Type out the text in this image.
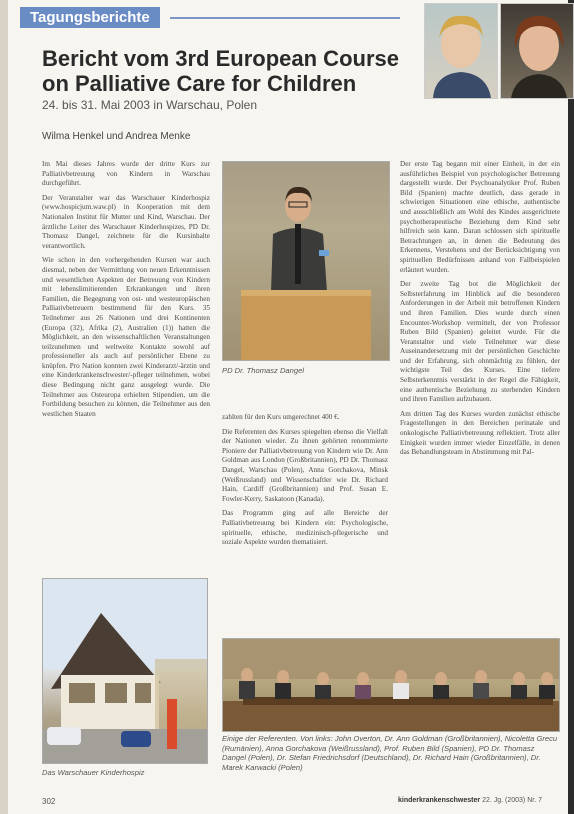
Tagungsberichte
Bericht vom 3rd European Course on Palliative Care for Children
24. bis 31. Mai 2003 in Warschau, Polen
Wilma Henkel und Andrea Menke

Im Mai dieses Jahres wurde der dritte Kurs zur Palliativbetreuung von Kindern in Warschau durchgeführt.

Der Veranstalter war das Warschauer Kinderhospiz (www.hospicjum.waw.pl) in Kooperation mit dem Nationalen Institut für Mutter und Kind, Warschau. Der ärztliche Leiter des Warschauer Kinderhospizes, PD Dr. Thomasz Dangel, zeichnete für die Kursinhalte verantwortlich.

Wie schon in den vorhergehenden Kursen war auch diesmal, neben der Vermittlung von neuen Erkenntnissen und wesentlichen Aspekten der Betreuung von Kindern mit lebenslimitierenden Erkrankungen und ihren Familien, die Begegnung von ost- und westeuropäischen Palliativbetreuern bestimmend für den Kurs. 35 Teilnehmer aus 26 Nationen und drei Kontinenten (Europa (32), Afrika (2), Australien (1)) hatten die Möglichkeit, an den wissenschaftlichen Veranstaltungen teilzunehmen und weltweite Kontakte sowohl auf professioneller als auch auf persönlicher Ebene zu knüpfen. Pro Nation konnten zwei Kinderarzt/-ärztin und eine Kinderkrankenschwester/-pfleger teilnehmen, wobei diese Bedingung nicht ganz ausgelegt wurde. Die Teilnehmer aus Osteuropa erhielten Stipendien, um die Fortbildung besuchen zu können, die Teilnehmer aus den westlichen Staaten

PD Dr. Thomasz Dangel

zahlten für den Kurs umgerechnet 400 €.

Die Referenten des Kurses spiegelten ebenso die Vielfalt der Nationen wieder. Zu ihnen gehörten renommierte Pioniere der Palliativbetreuung von Kindern wie Dr. Ann Goldman aus London (Großbritannien), PD Dr. Thomasz Dangel, Warschau (Polen), Anna Gorchakova, Minsk (Weißrussland) und Wissenschaftler wie Dr. Richard Hain, Cardiff (Großbritannien) und Prof. Susan E. Fowler-Kerry, Saskatoon (Kanada).

Das Programm ging auf alle Bereiche der Palliativbetreuung bei Kindern ein: Psychologische, spirituelle, ethische, medizinisch-pflegerische und soziale Aspekte wurden thematisiert.

Der erste Tag begann mit einer Einheit, in der ein ausführliches Beispiel von psychologischer Betreuung dargestellt wurde. Der Psychoanalytiker Prof. Ruben Bild (Spanien) machte deutlich, dass gerade in schwierigen Situationen eine ethische, authentische und ausschließlich am Wohl des Kindes ausgerichtete psychotherapeutische Beziehung dem Kind sehr hilfreich sein kann. Daran schlossen sich spirituelle Betrachtungen an, in denen die Bedeutung des Erkennens, Verstehens und der Berücksichtigung von spirituellen Bedürfnissen anhand von Fallbeispielen erläutert wurden.

Der zweite Tag bot die Möglichkeit der Selbsterfahrung im Hinblick auf die besonderen Anforderungen in der Arbeit mit betroffenen Kindern und ihren Familien. Dies wurde durch einen Encounter-Workshop vermittelt, der von Professor Ruben Bild (Spanien) geleitet wurde. Für die Veranstalter und viele Teilnehmer war diese Auseinandersetzung mit der persönlichen Geschichte und der Erfahrung, sich ohnmächtig zu fühlen, der wichtigste Teil des Kurses. Eine tiefere Selbsterkenntnis verstärkt in der Regel die Fähigkeit, eine authentische Beziehung zu sterbenden Kindern und ihren Familien aufzubauen.

Am dritten Tag des Kurses wurden zunächst ethische Fragestellungen in den Bereichen perinatale und onkologische Palliativbetreuung reflektiert. Trotz aller Einigkeit wurden immer wieder Einzelfälle, in denen das Behandlungsteam in Abstimmung mit Pal-

Das Warschauer Kinderhospiz
Einige der Referenten. Von links: John Overton, Dr. Ann Goldman (Großbritannien), Nicoletta Grecu (Rumänien), Anna Gorchakova (Weißrussland), Prof. Ruben Bild (Spanien), PD Dr. Thomasz Dangel (Polen), Dr. Stefan Friedrichsdorf (Deutschland), Dr. Richard Hain (Großbritannien), Dr. Marek Karwacki (Polen)
302	kinderkrankenschwester 22. Jg. (2003) Nr. 7
